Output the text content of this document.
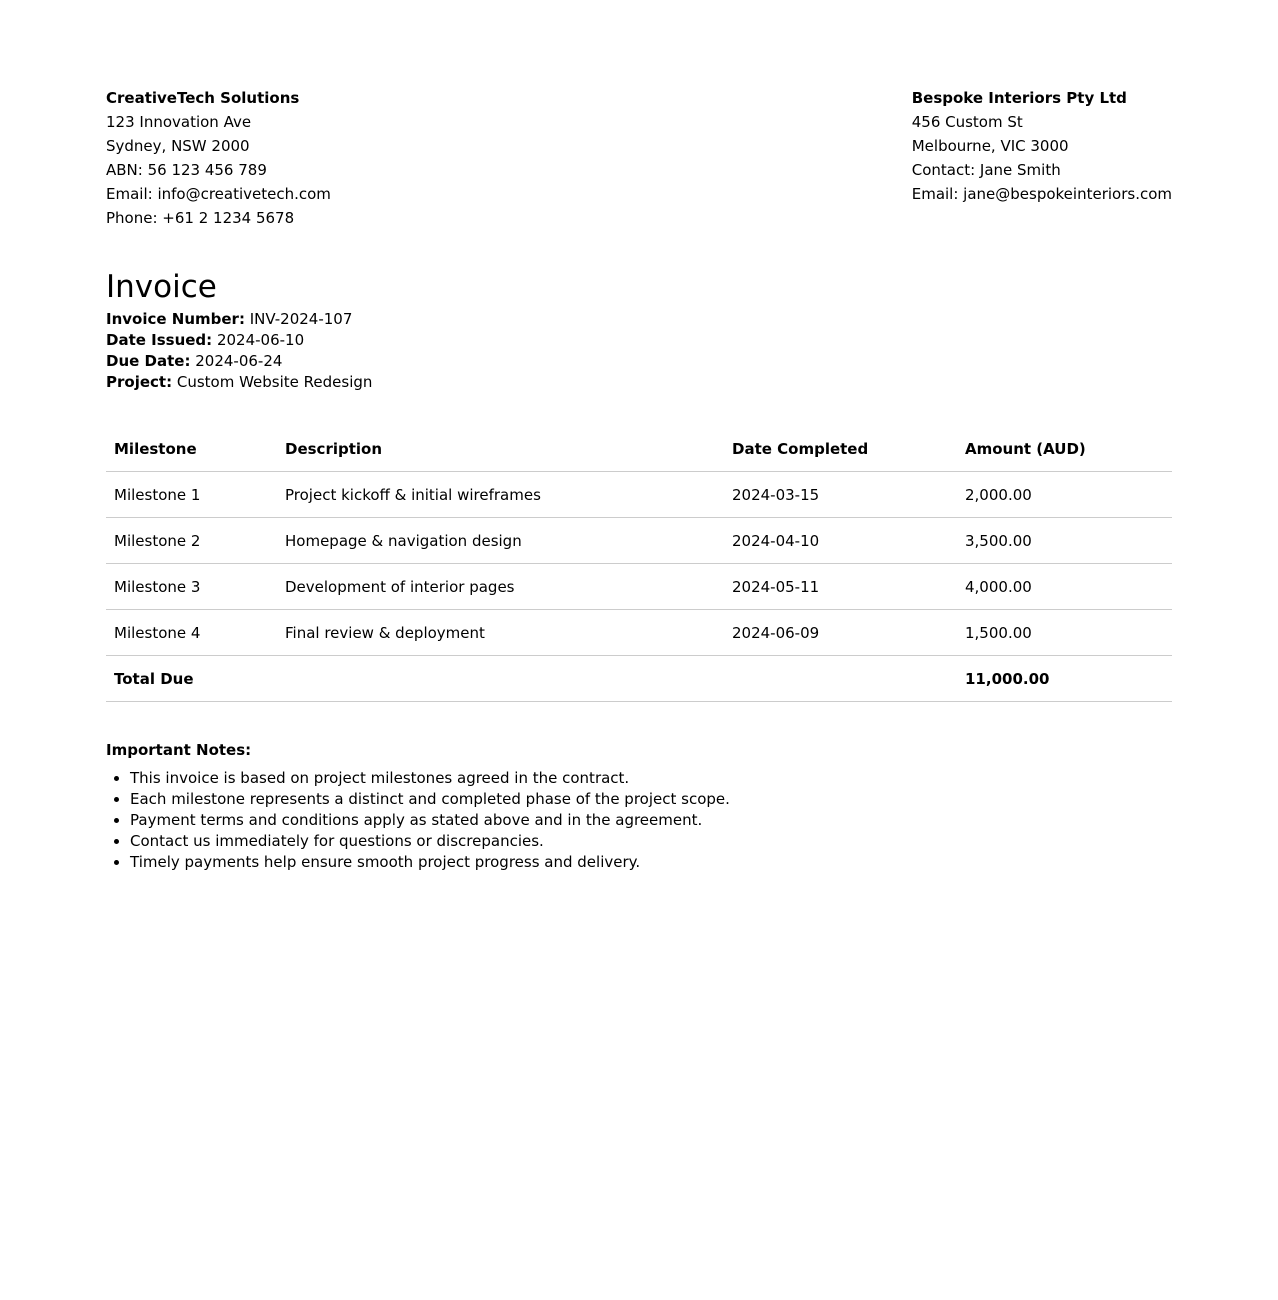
CreativeTech Solutions
123 Innovation Ave
Sydney, NSW 2000
ABN: 56 123 456 789
Email: info@creativetech.com
Phone: +61 2 1234 5678
Bespoke Interiors Pty Ltd
456 Custom St
Melbourne, VIC 3000
Contact: Jane Smith
Email: jane@bespokeinteriors.com
Invoice
Invoice Number: INV-2024-107
Date Issued: 2024-06-10
Due Date: 2024-06-24
Project: Custom Website Redesign
Milestone	Description	Date Completed	Amount (AUD)
Milestone 1	Project kickoff & initial wireframes	2024-03-15	2,000.00
Milestone 2	Homepage & navigation design	2024-04-10	3,500.00
Milestone 3	Development of interior pages	2024-05-11	4,000.00
Milestone 4	Final review & deployment	2024-06-09	1,500.00
Total Due			11,000.00
Important Notes:
• This invoice is based on project milestones agreed in the contract.
• Each milestone represents a distinct and completed phase of the project scope.
• Payment terms and conditions apply as stated above and in the agreement.
• Contact us immediately for questions or discrepancies.
• Timely payments help ensure smooth project progress and delivery.
